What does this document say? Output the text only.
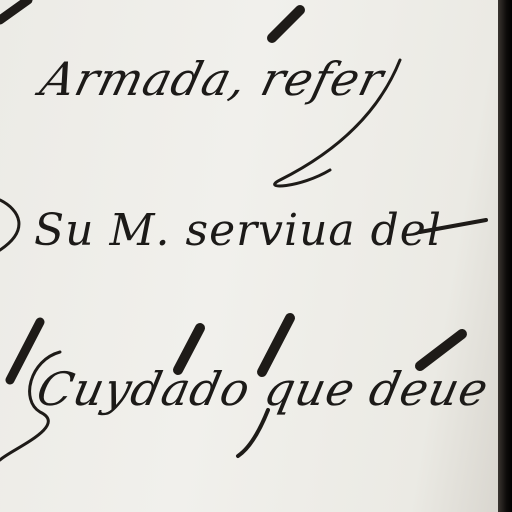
Armada, refer
Su M. serviua del
Cuydado que deue
